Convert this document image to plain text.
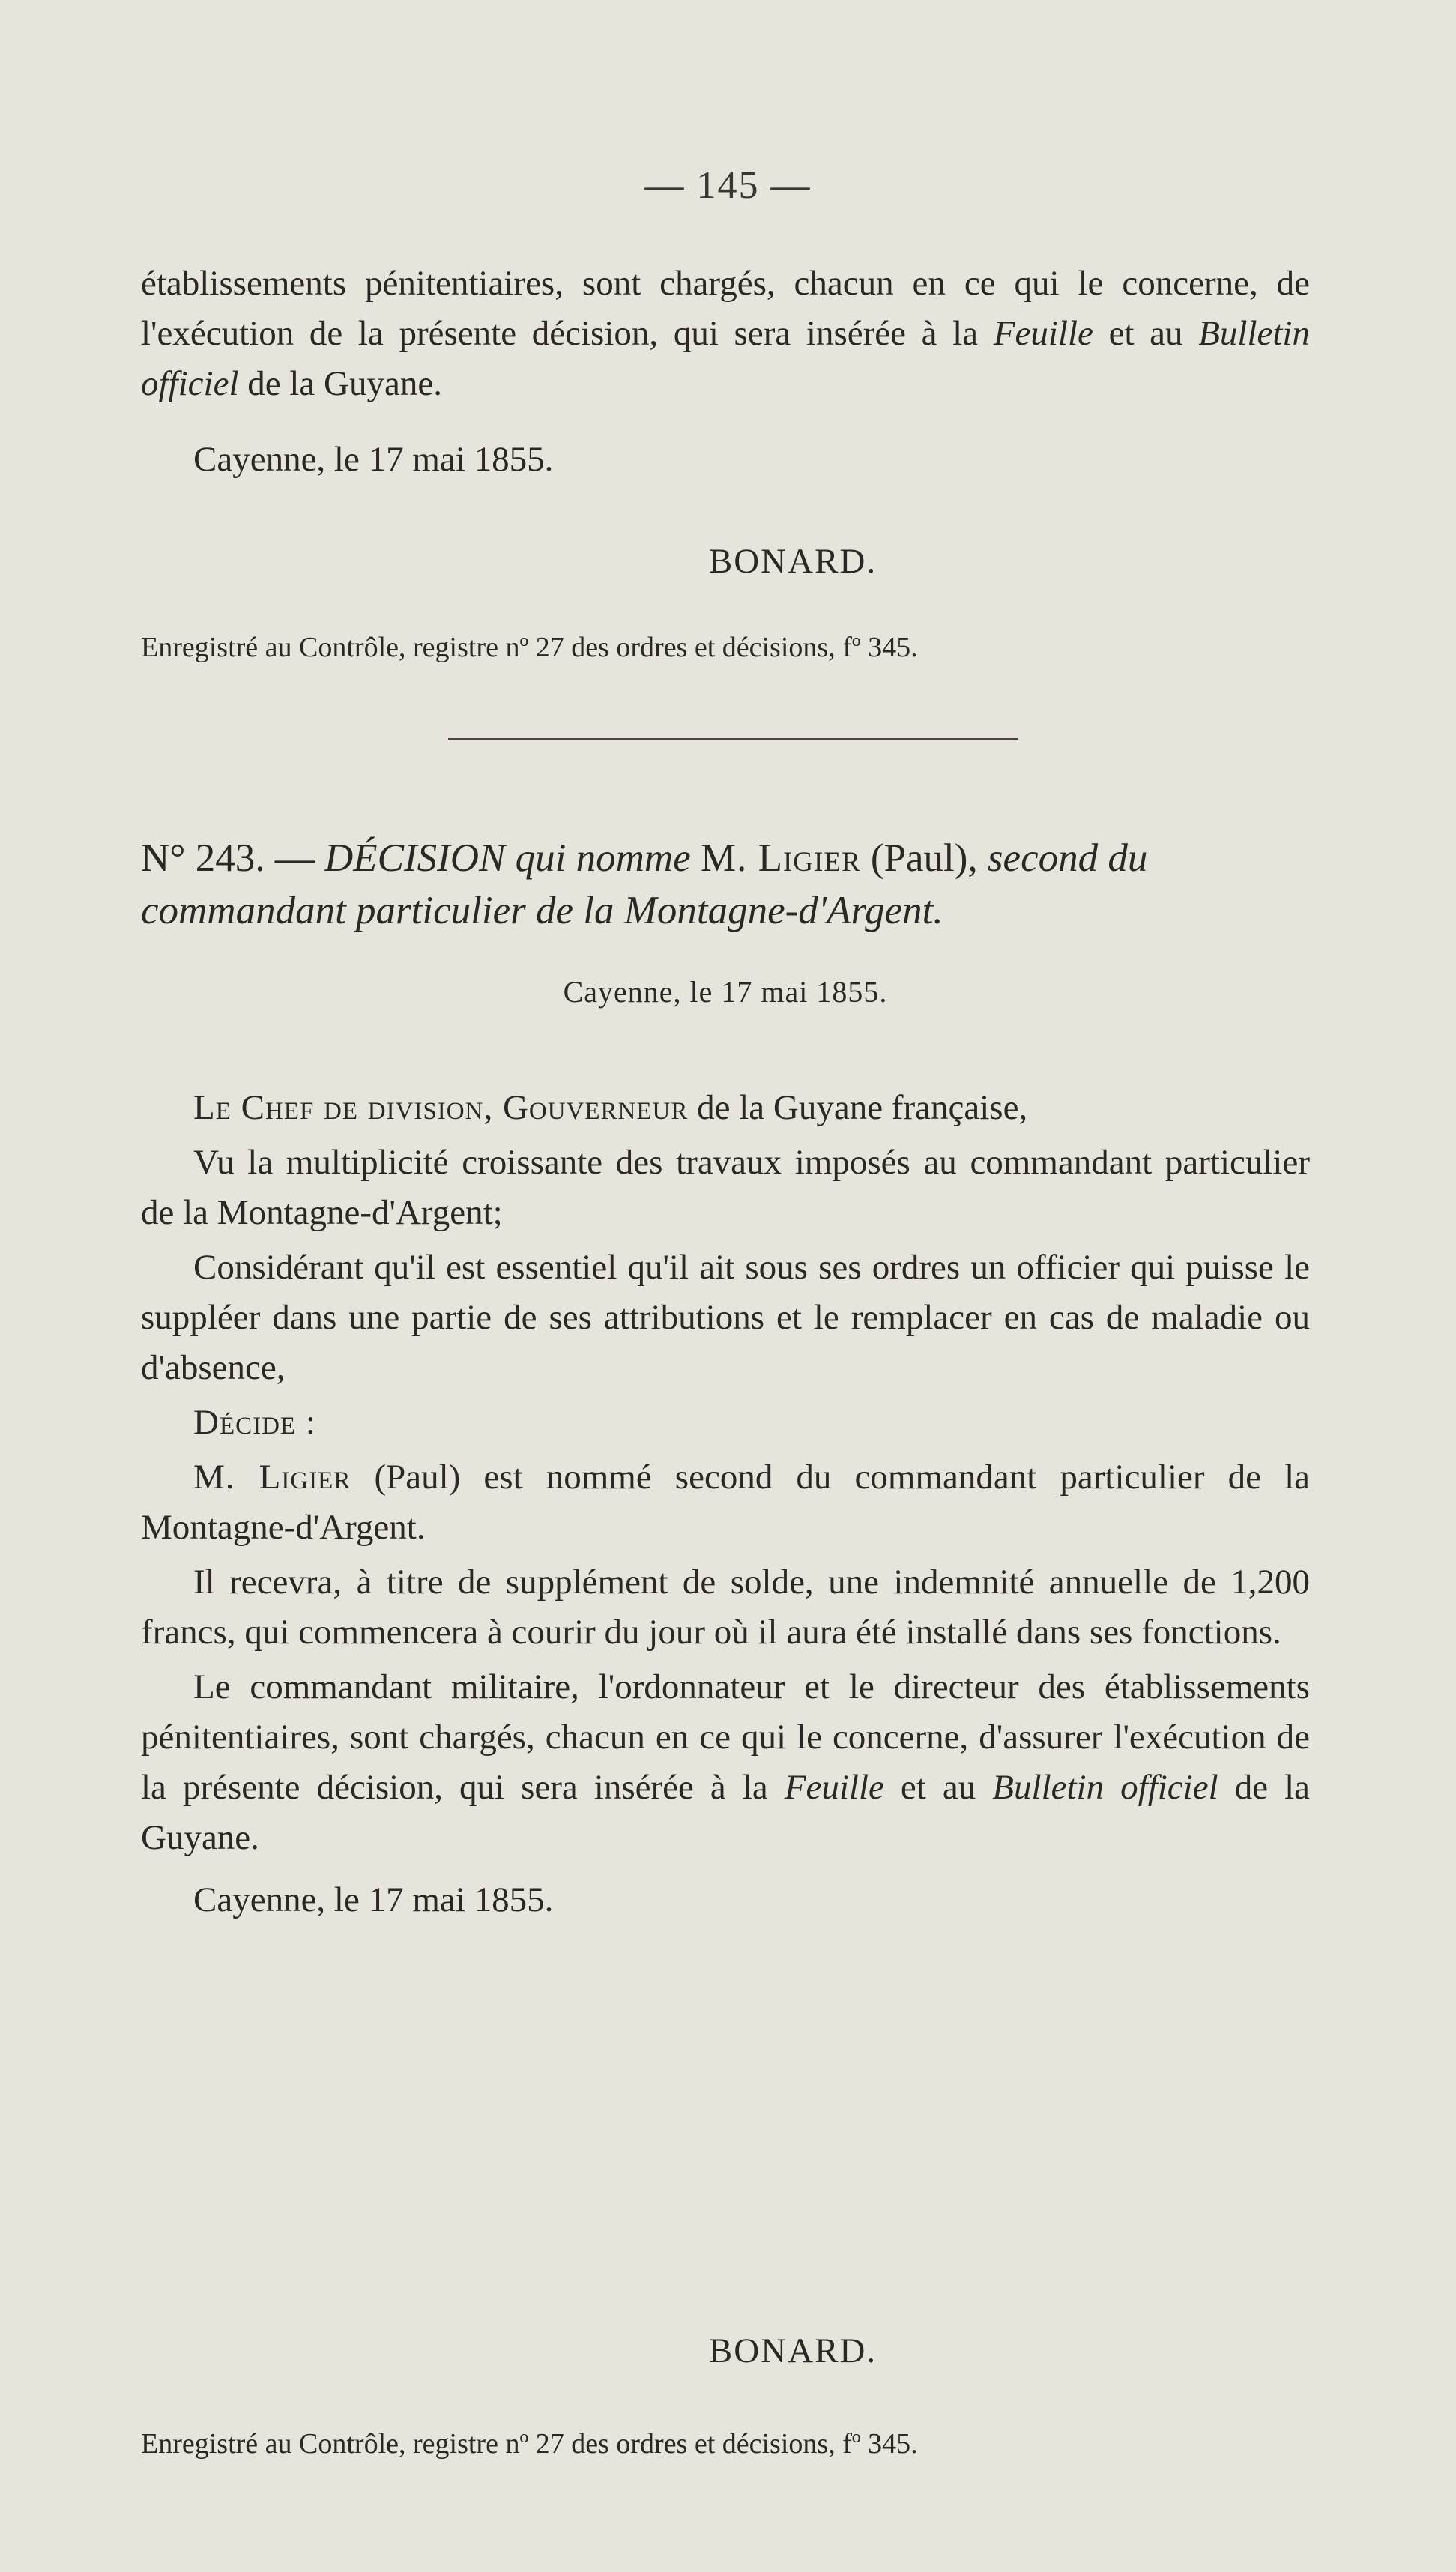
— 145 —

établissements pénitentiaires, sont chargés, chacun en ce qui le concerne, de l'exécution de la présente décision, qui sera insérée à la Feuille et au Bulletin officiel de la Guyane.

Cayenne, le 17 mai 1855.

BONARD.

Enregistré au Contrôle, registre nº 27 des ordres et décisions, fº 345.

N° 243. — DÉCISION qui nomme M. Ligier (Paul), second du commandant particulier de la Montagne-d'Argent.

Cayenne, le 17 mai 1855.

Le Chef de division, Gouverneur de la Guyane française,

Vu la multiplicité croissante des travaux imposés au commandant particulier de la Montagne-d'Argent;

Considérant qu'il est essentiel qu'il ait sous ses ordres un officier qui puisse le suppléer dans une partie de ses attributions et le remplacer en cas de maladie ou d'absence,

Décide :

M. Ligier (Paul) est nommé second du commandant particulier de la Montagne-d'Argent.

Il recevra, à titre de supplément de solde, une indemnité annuelle de 1,200 francs, qui commencera à courir du jour où il aura été installé dans ses fonctions.

Le commandant militaire, l'ordonnateur et le directeur des établissements pénitentiaires, sont chargés, chacun en ce qui le concerne, d'assurer l'exécution de la présente décision, qui sera insérée à la Feuille et au Bulletin officiel de la Guyane.

Cayenne, le 17 mai 1855.

BONARD.

Enregistré au Contrôle, registre nº 27 des ordres et décisions, fº 345.
